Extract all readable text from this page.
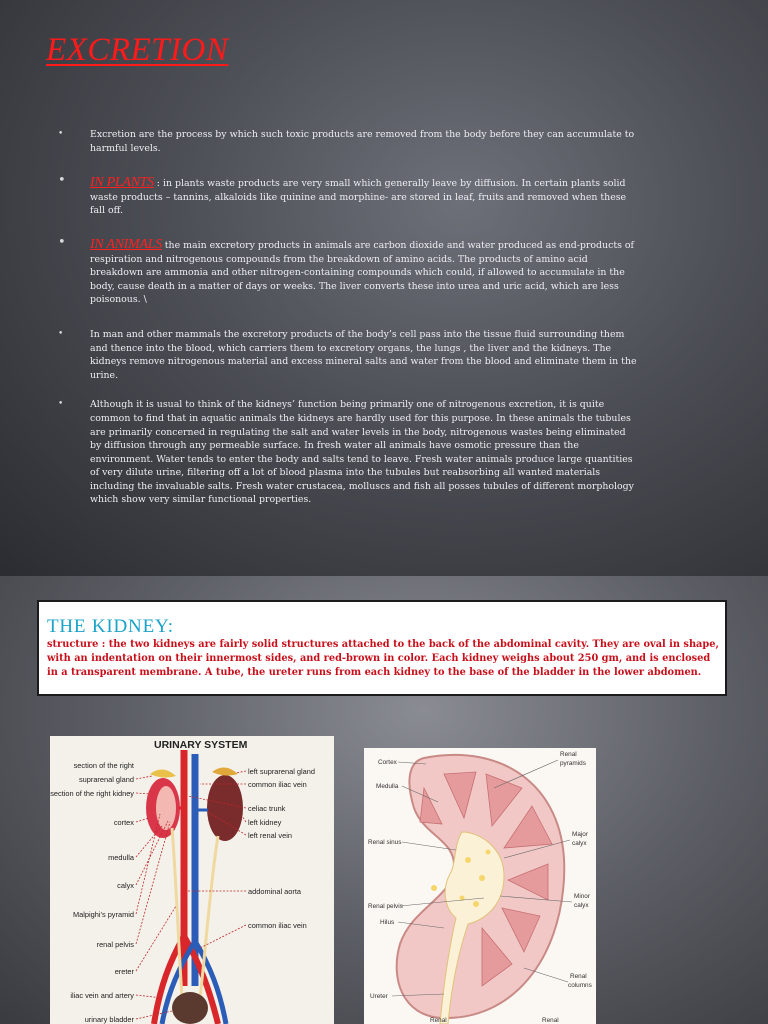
EXCRETION
•	Excretion are the process by which such toxic products are removed from the body before they can accumulate to harmful levels.
• IN PLANTS : in plants waste products are very small which generally leave by diffusion. In certain plants solid waste products – tannins, alkaloids like quinine and morphine- are stored in leaf, fruits and removed when these fall off.
• IN ANIMALS the main excretory products in animals are carbon dioxide and water produced as end-products of respiration and nitrogenous compounds from the breakdown of amino acids. The products of amino acid breakdown are ammonia and other nitrogen-containing compounds which could, if allowed to accumulate in the body, cause death in a matter of days or weeks. The liver converts these into urea and uric acid, which are less poisonous. \
•	In man and other mammals the excretory products of the body’s cell pass into the tissue fluid surrounding them and thence into the blood, which carriers them to excretory organs, the lungs , the liver and the kidneys. The kidneys remove nitrogenous material and excess mineral salts and water from the blood and eliminate them in the urine.
•	Although it is usual to think of the kidneys’ function being primarily one of nitrogenous excretion, it is quite common to find that in aquatic animals the kidneys are hardly used for this purpose. In these animals the tubules are primarily concerned in regulating the salt and water levels in the body, nitrogenous wastes being eliminated by diffusion through any permeable surface. In fresh water all animals have osmotic pressure than the environment. Water tends to enter the body and salts tend to leave. Fresh water animals produce large quantities of very dilute urine, filtering off a lot of blood plasma into the tubules but reabsorbing all wanted materials including the invaluable salts. Fresh water crustacea, molluscs and fish all posses tubules of different morphology which show very similar functional properties.
THE KIDNEY:

structure : the two kidneys are fairly solid structures attached to the back of the abdominal cavity. They are oval in shape, with an indentation on their innermost sides, and red-brown in color. Each kidney weighs about 250 gm, and is enclosed in a transparent membrane. A tube, the ureter runs from each kidney to the base of the bladder in the lower abdomen.

URINARY SYSTEM
section of the right
suprarenal gland
section of the right kidney
cortex
medulla
calyx
Malpighi's pyramid
renal pelvis
ereter
iliac vein and artery
urinary bladder
left suprarenal gland
common iliac vein
celiac trunk
left kidney
left renal vein
addominal aorta
common iliac vein
Cortex
Medulla
Renal sinus
Renal pelvis
Hilus
Ureter
Renal
Renal
pyramids
Major
calyx
Minor
calyx
Renal
columns
Renal
